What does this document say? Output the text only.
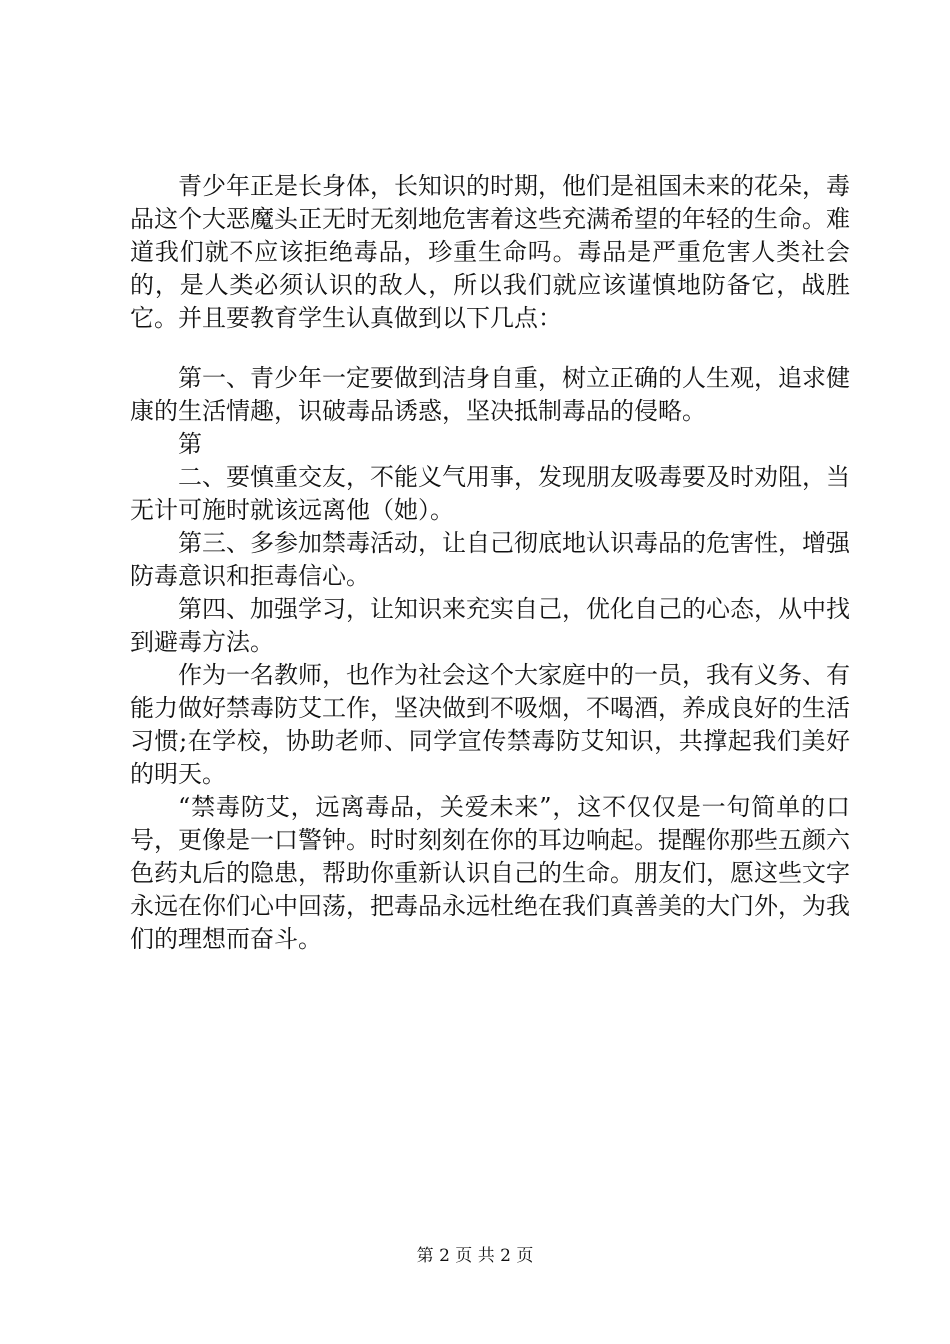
青少年正是长身体，长知识的时期，他们是祖国未来的花朵，毒品这个大恶魔头正无时无刻地危害着这些充满希望的年轻的生命。难道我们就不应该拒绝毒品，珍重生命吗。毒品是严重危害人类社会的，是人类必须认识的敌人，所以我们就应该谨慎地防备它，战胜它。并且要教育学生认真做到以下几点：

第一、青少年一定要做到洁身自重，树立正确的人生观，追求健康的生活情趣，识破毒品诱惑，坚决抵制毒品的侵略。

第

二、要慎重交友，不能义气用事，发现朋友吸毒要及时劝阻，当无计可施时就该远离他（她）。

第三、多参加禁毒活动，让自己彻底地认识毒品的危害性，增强防毒意识和拒毒信心。

第四、加强学习，让知识来充实自己，优化自己的心态，从中找到避毒方法。

作为一名教师，也作为社会这个大家庭中的一员，我有义务、有能力做好禁毒防艾工作，坚决做到不吸烟，不喝酒，养成良好的生活习惯;在学校，协助老师、同学宣传禁毒防艾知识，共撑起我们美好的明天。

“禁毒防艾，远离毒品，关爱未来”，这不仅仅是一句简单的口号，更像是一口警钟。时时刻刻在你的耳边响起。提醒你那些五颜六色药丸后的隐患，帮助你重新认识自己的生命。朋友们，愿这些文字永远在你们心中回荡，把毒品永远杜绝在我们真善美的大门外，为我们的理想而奋斗。

第 2 页 共 2 页
